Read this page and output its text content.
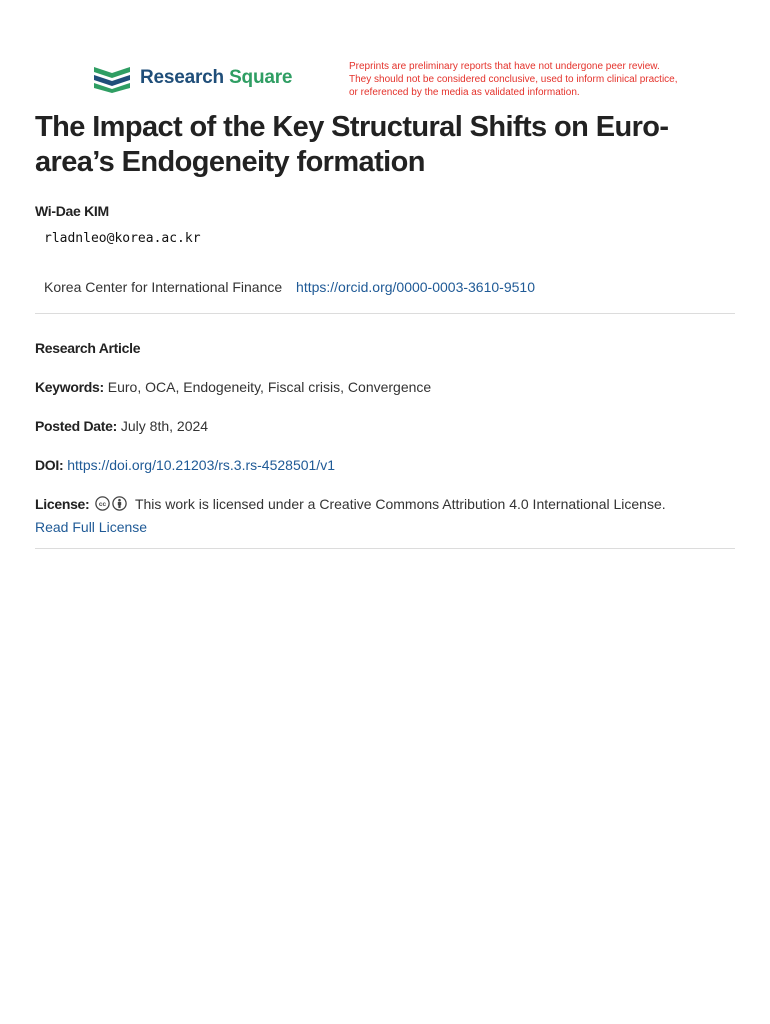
Research Square
Preprints are preliminary reports that have not undergone peer review.
They should not be considered conclusive, used to inform clinical practice,
or referenced by the media as validated information.
The Impact of the Key Structural Shifts on Euro-area’s Endogeneity formation
Wi-Dae KIM
rladnleo@korea.ac.kr
Korea Center for International Finance https://orcid.org/0000-0003-3610-9510
Research Article
Keywords: Euro, OCA, Endogeneity, Fiscal crisis, Convergence
Posted Date: July 8th, 2024
DOI: https://doi.org/10.21203/rs.3.rs-4528501/v1
License: cc This work is licensed under a Creative Commons Attribution 4.0 International License.
Read Full License
